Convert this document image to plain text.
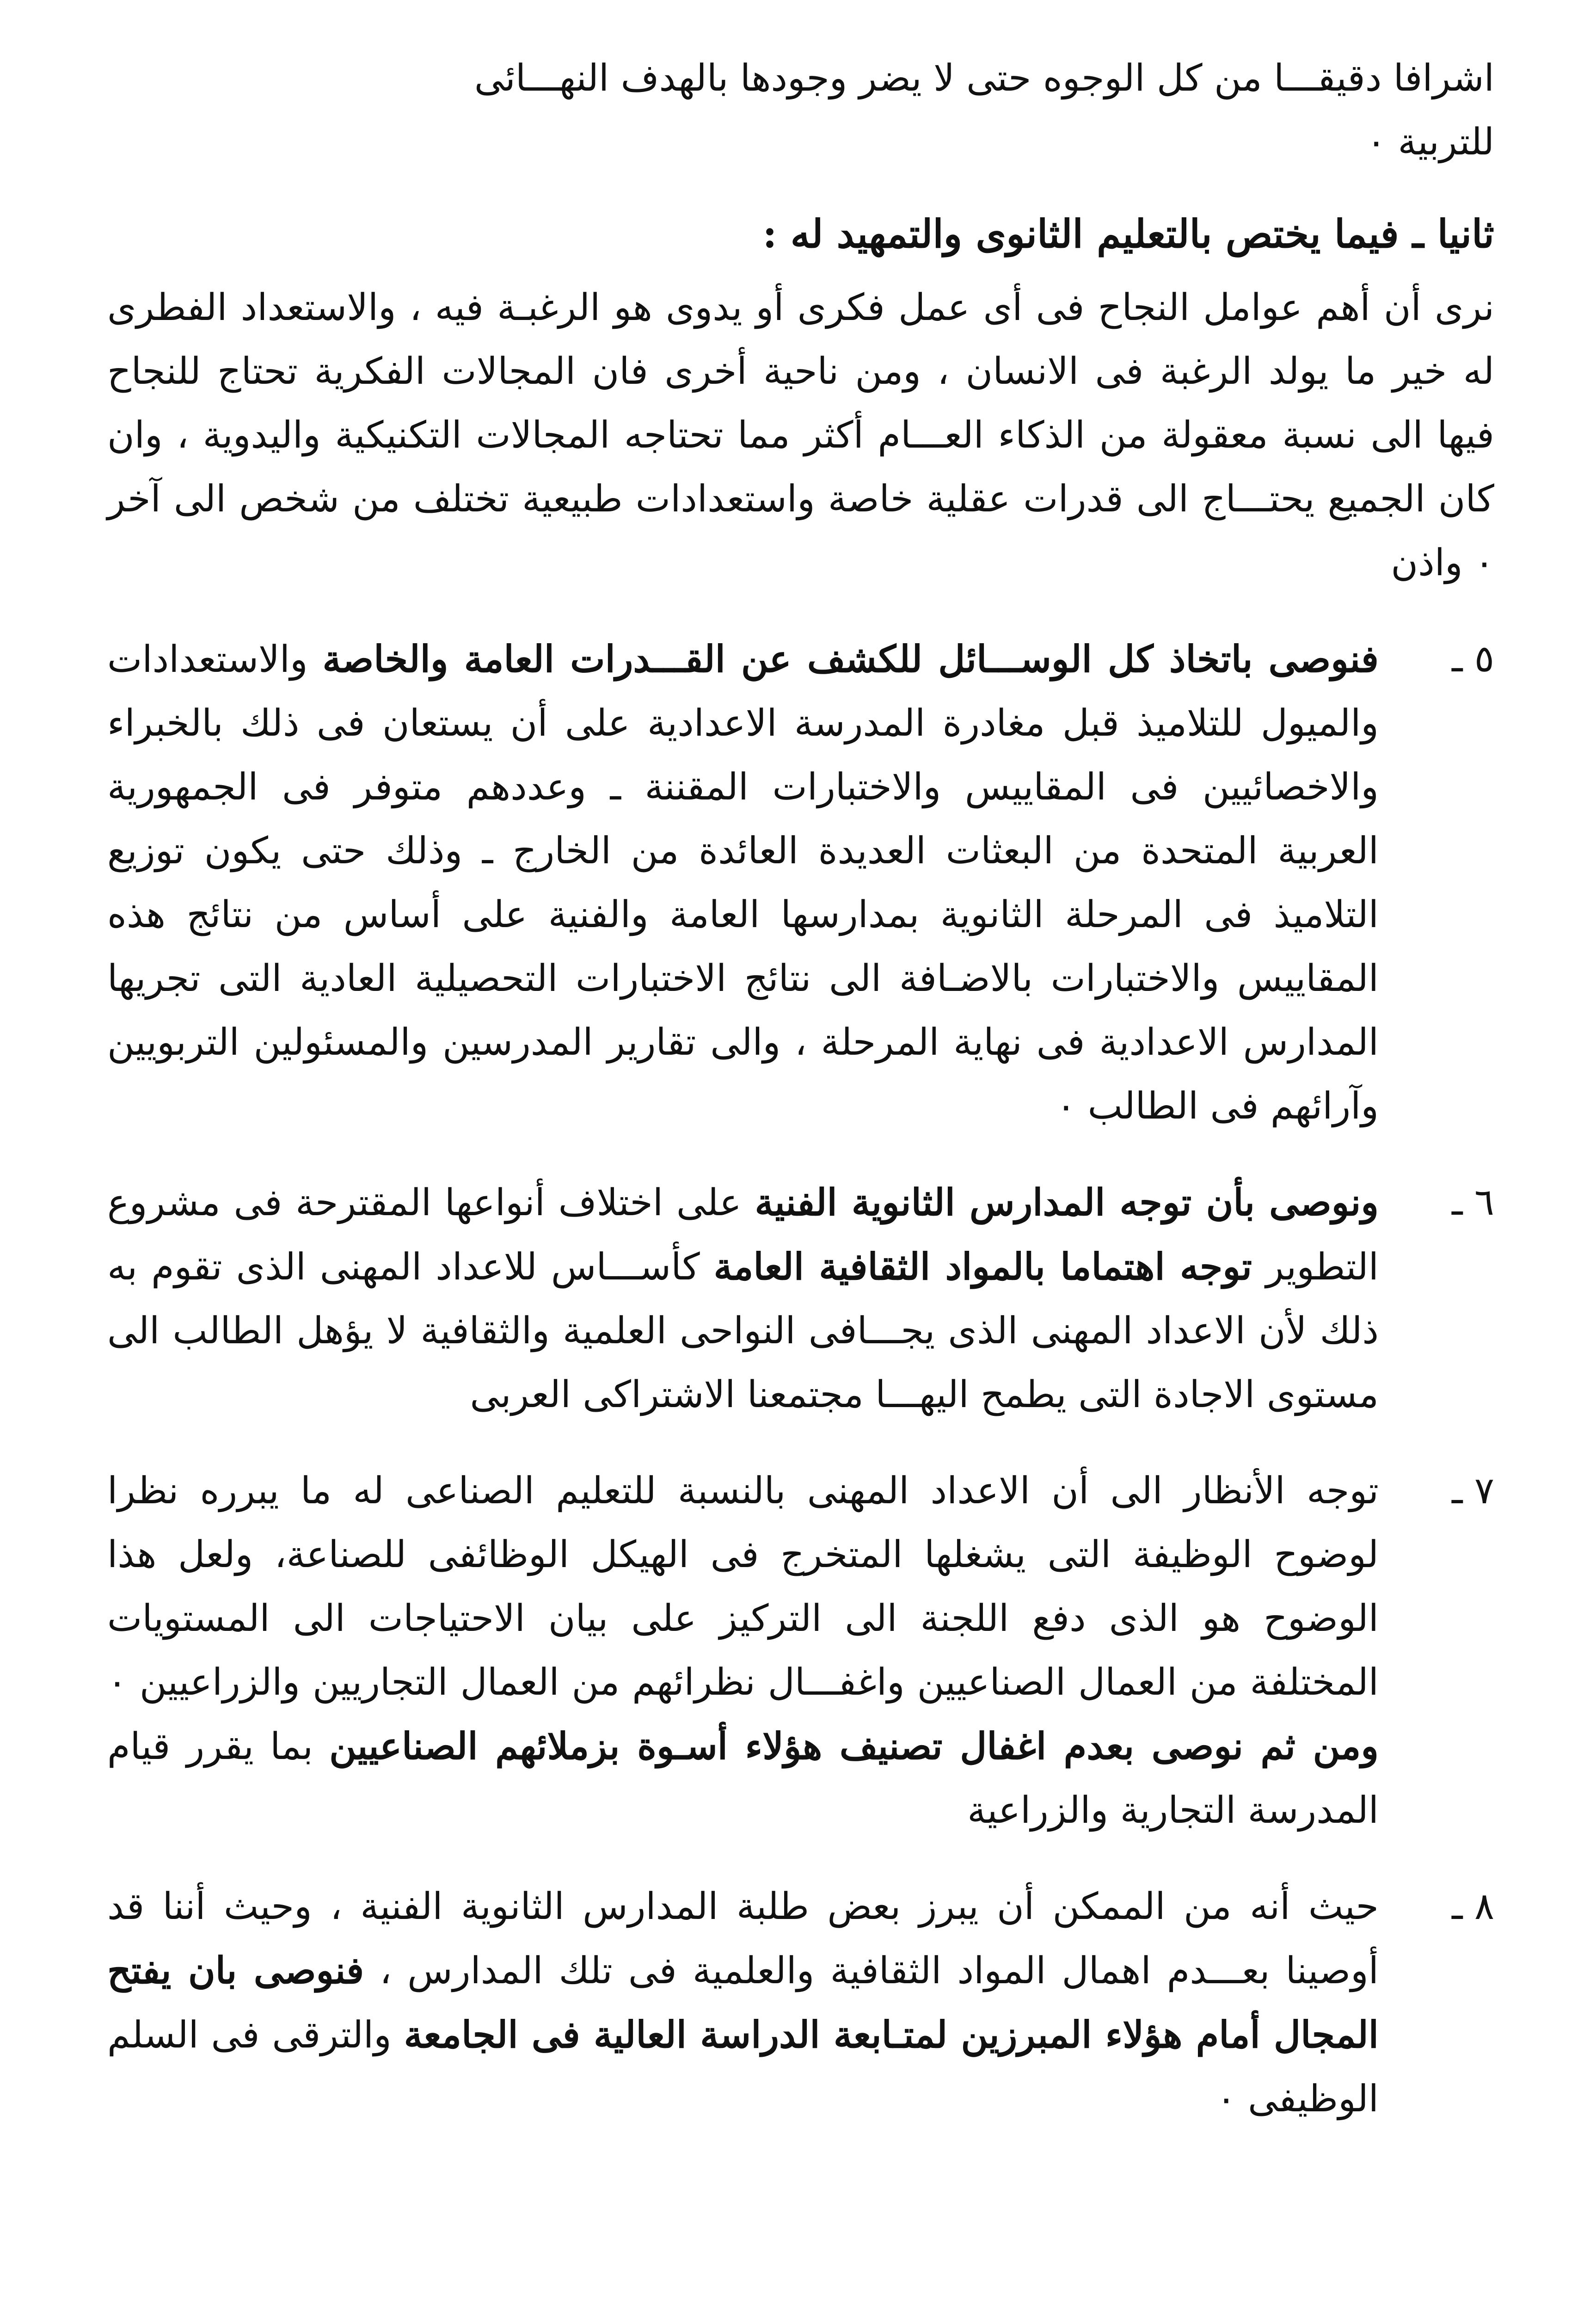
اشرافا دقيقـــا من كل الوجوه حتى لا يضر وجودها بالهدف النهـــائى

للتربية ٠

ثانيا ـ فيما يختص بالتعليم الثانوى والتمهيد له :

نرى أن أهم عوامل النجاح فى أى عمل فكرى أو يدوى هو الرغبـة فيه ، والاستعداد الفطرى له خير ما يولد الرغبة فى الانسان ، ومن ناحية أخرى فان المجالات الفكرية تحتاج للنجاح فيها الى نسبة معقولة من الذكاء العـــام أكثر مما تحتاجه المجالات التكنيكية واليدوية ، وان كان الجميع يحتـــاج الى قدرات عقلية خاصة واستعدادات طبيعية تختلف من شخص الى آخر ٠ واذن

٥ ـ
فنوصى باتخاذ كل الوســـائل للكشف عن القـــدرات العامة والخاصة والاستعدادات والميول للتلاميذ قبل مغادرة المدرسة الاعدادية على أن يستعان فى ذلك بالخبراء والاخصائيين فى المقاييس والاختبارات المقننة ـ وعددهم متوفر فى الجمهورية العربية المتحدة من البعثات العديدة العائدة من الخارج ـ وذلك حتى يكون توزيع التلاميذ فى المرحلة الثانوية بمدارسها العامة والفنية على أساس من نتائج هذه المقاييس والاختبارات بالاضـافة الى نتائج الاختبارات التحصيلية العادية التى تجريها المدارس الاعدادية فى نهاية المرحلة ، والى تقارير المدرسين والمسئولين التربويين وآرائهم فى الطالب ٠
٦ ـ
ونوصى بأن توجه المدارس الثانوية الفنية على اختلاف أنواعها المقترحة فى مشروع التطوير توجه اهتماما بالمواد الثقافية العامة كأســـاس للاعداد المهنى الذى تقوم به ذلك لأن الاعداد المهنى الذى يجـــافى النواحى العلمية والثقافية لا يؤهل الطالب الى مستوى الاجادة التى يطمح اليهـــا مجتمعنا الاشتراكى العربى
٧ ـ
توجه الأنظار الى أن الاعداد المهنى بالنسبة للتعليم الصناعى له ما يبرره نظرا لوضوح الوظيفة التى يشغلها المتخرج فى الهيكل الوظائفى للصناعة، ولعل هذا الوضوح هو الذى دفع اللجنة الى التركيز على بيان الاحتياجات الى المستويات المختلفة من العمال الصناعيين واغفـــال نظرائهم من العمال التجاريين والزراعيين ٠ ومن ثم نوصى بعدم اغفال تصنيف هؤلاء أسـوة بزملائهم الصناعيين بما يقرر قيام المدرسة التجارية والزراعية
٨ ـ
حيث أنه من الممكن أن يبرز بعض طلبة المدارس الثانوية الفنية ، وحيث أننا قد أوصينا بعـــدم اهمال المواد الثقافية والعلمية فى تلك المدارس ، فنوصى بان يفتح المجال أمام هؤلاء المبرزين لمتـابعة الدراسة العالية فى الجامعة والترقى فى السلم الوظيفى ٠
